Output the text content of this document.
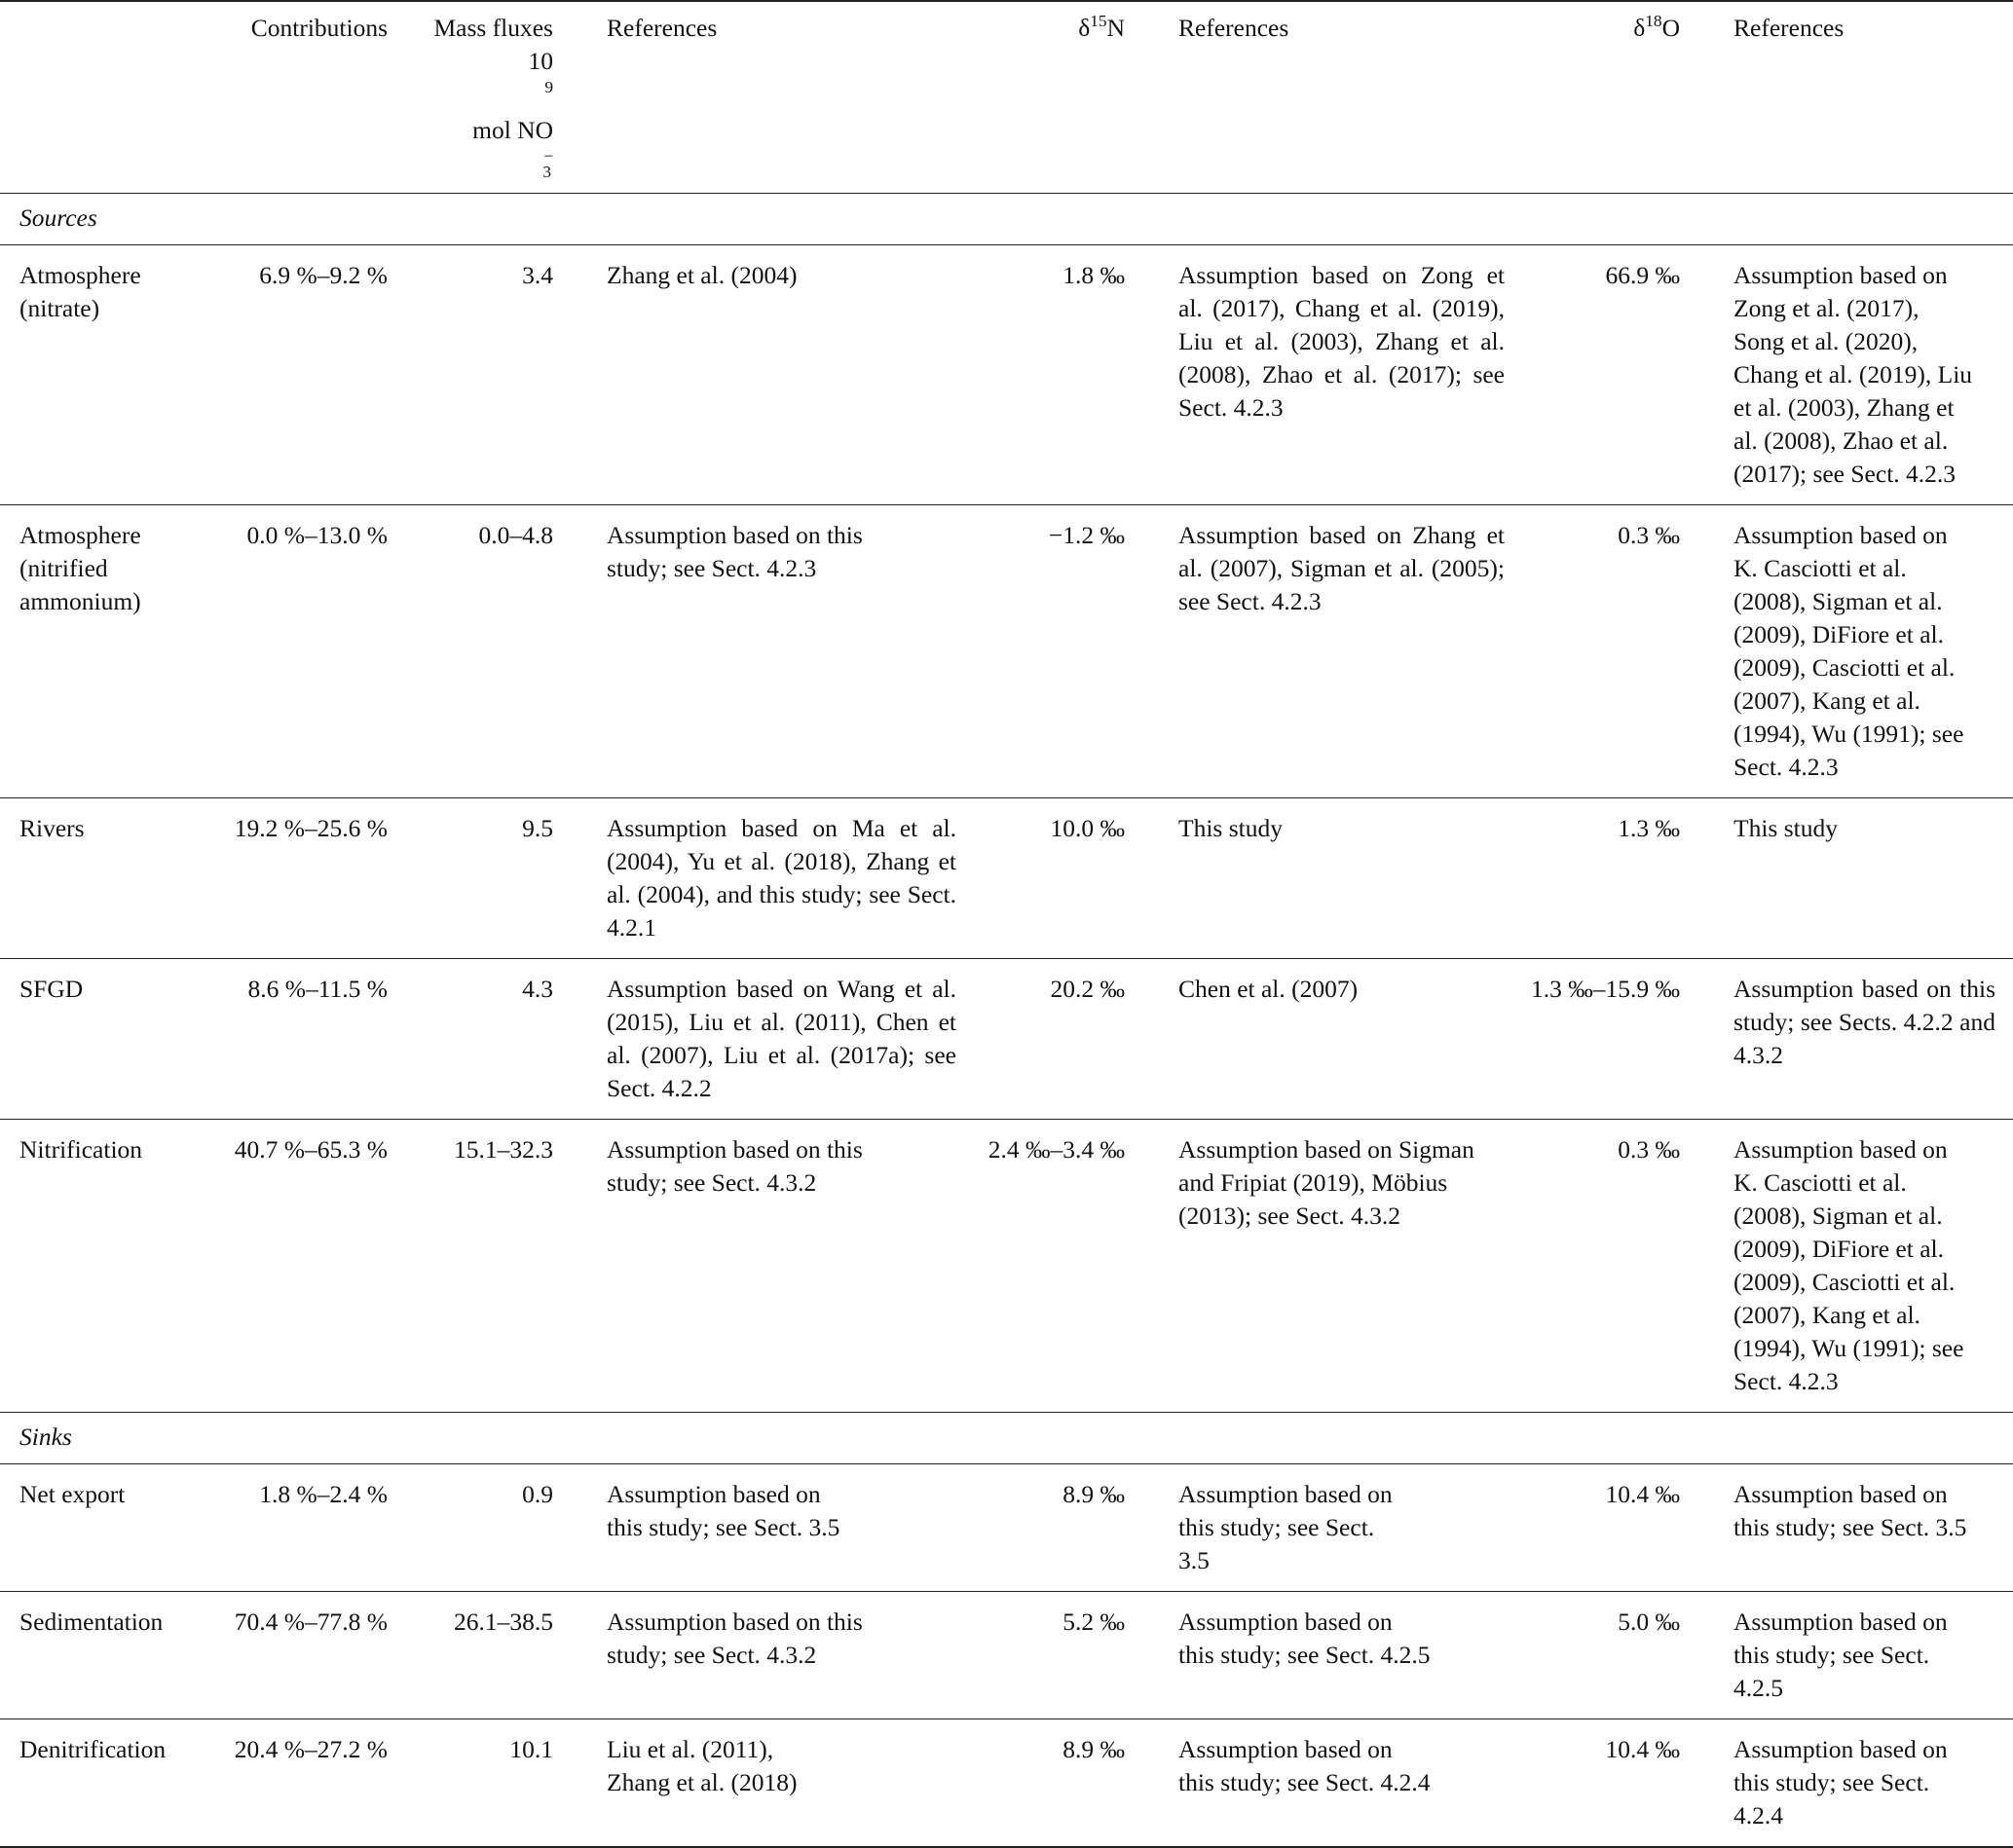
	Contributions	Mass fluxes
10
$^9$
mol NO
$_3$−	References	$\delta^{15}N$	References	$\delta^{18}O$	References
Sources							
Atmosphere (nitrate)	6.9 %–9.2 %	3.4	Zhang et al. (2004)	1.8 ‰	Assumption based on Zong et al. (2017), Chang et al. (2019), Liu et al. (2003), Zhang et al. (2008), Zhao et al. (2017); see Sect. 4.2.3	66.9 ‰	Assumption based on Zong et al. (2017), Song et al. (2020), Chang et al. (2019), Liu et al. (2003), Zhang et al. (2008), Zhao et al. (2017); see Sect. 4.2.3
Atmosphere (nitrified ammonium)	0.0 %–13.0 %	0.0–4.8	Assumption based on this study; see Sect. 4.2.3	−1.2 ‰	Assumption based on Zhang et al. (2007), Sigman et al. (2005); see Sect. 4.2.3	0.3 ‰	Assumption based on K. Casciotti et al. (2008), Sigman et al. (2009), DiFiore et al. (2009), Casciotti et al. (2007), Kang et al. (1994), Wu (1991); see Sect. 4.2.3
Rivers	19.2 %–25.6 %	9.5	Assumption based on Ma et al. (2004), Yu et al. (2018), Zhang et al. (2004), and this study; see Sect. 4.2.1	10.0 ‰	This study	1.3 ‰	This study
SFGD	8.6 %–11.5 %	4.3	Assumption based on Wang et al. (2015), Liu et al. (2011), Chen et al. (2007), Liu et al. (2017a); see Sect. 4.2.2	20.2 ‰	Chen et al. (2007)	1.3 ‰–15.9 ‰	Assumption based on this study; see Sects. 4.2.2 and 4.3.2
Nitrification	40.7 %–65.3 %	15.1–32.3	Assumption based on this study; see Sect. 4.3.2	2.4 ‰–3.4 ‰	Assumption based on Sigman and Fripiat (2019), Möbius (2013); see Sect. 4.3.2	0.3 ‰	Assumption based on K. Casciotti et al. (2008), Sigman et al. (2009), DiFiore et al. (2009), Casciotti et al. (2007), Kang et al. (1994), Wu (1991); see Sect. 4.2.3
Sinks							
Net export	1.8 %–2.4 %	0.9	Assumption based on this study; see Sect. 3.5	8.9 ‰	Assumption based on this study; see Sect. 3.5	10.4 ‰	Assumption based on this study; see Sect. 3.5
Sedimentation	70.4 %–77.8 %	26.1–38.5	Assumption based on this study; see Sect. 4.3.2	5.2 ‰	Assumption based on this study; see Sect. 4.2.5	5.0 ‰	Assumption based on this study; see Sect. 4.2.5
Denitrification	20.4 %–27.2 %	10.1	Liu et al. (2011), Zhang et al. (2018)	8.9 ‰	Assumption based on this study; see Sect. 4.2.4	10.4 ‰	Assumption based on this study; see Sect. 4.2.4
